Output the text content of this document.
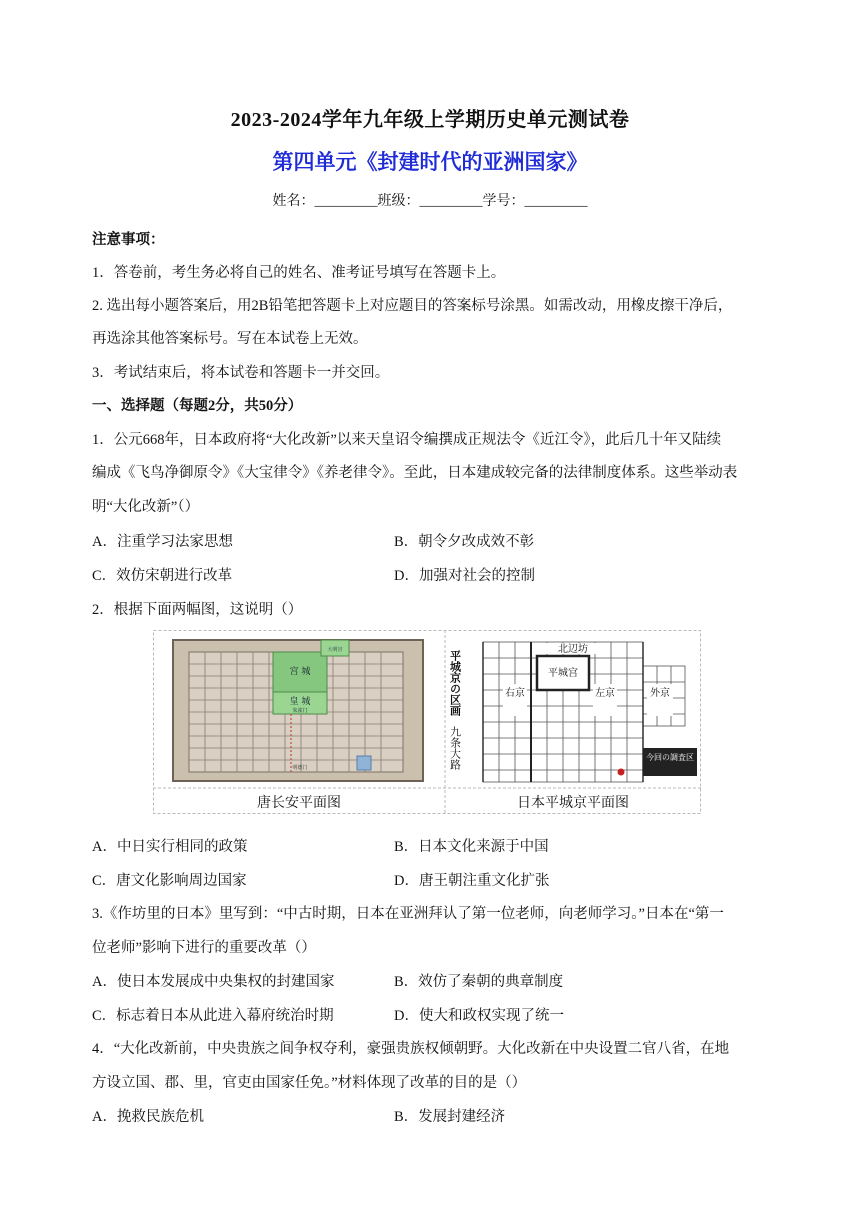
2023-2024学年九年级上学期历史单元测试卷
第四单元《封建时代的亚洲国家》
姓名：_________班级：_________学号：_________
注意事项：
1．答卷前，考生务必将自己的姓名、准考证号填写在答题卡上。
2. 选出每小题答案后，用2B铅笔把答题卡上对应题目的答案标号涂黑。如需改动，用橡皮擦干净后，
再选涂其他答案标号。写在本试卷上无效。
3．考试结束后，将本试卷和答题卡一并交回。
一、选择题（每题2分，共50分）
1．公元668年，日本政府将“大化改新”以来天皇诏令编撰成正规法令《近江令》，此后几十年又陆续
编成《飞鸟净御原令》《大宝律令》《养老律令》。至此，日本建成较完备的法律制度体系。这些举动表
明“大化改新”（）
A．注重学习法家思想	B．朝令夕改成效不彰
C．效仿宋朝进行改革	D．加强对社会的控制
2．根据下面两幅图，这说明（）
大明宫
宫 城
皇 城
朱雀门
明德门
唐长安平面图
北辺坊
平城宫
右京	左京	外京
平城京の区画
九条大路	今回の調査区
日本平城京平面图
A．中日实行相同的政策	B．日本文化来源于中国
C．唐文化影响周边国家	D．唐王朝注重文化扩张
3.《作坊里的日本》里写到：“中古时期，日本在亚洲拜认了第一位老师，向老师学习。”日本在“第一
位老师”影响下进行的重要改革（）
A．使日本发展成中央集权的封建国家	B．效仿了秦朝的典章制度
C．标志着日本从此进入幕府统治时期	D．使大和政权实现了统一
4．“大化改新前，中央贵族之间争权夺利，豪强贵族权倾朝野。大化改新在中央设置二官八省，在地
方设立国、郡、里，官吏由国家任免。”材料体现了改革的目的是（）
A．挽救民族危机	B．发展封建经济
